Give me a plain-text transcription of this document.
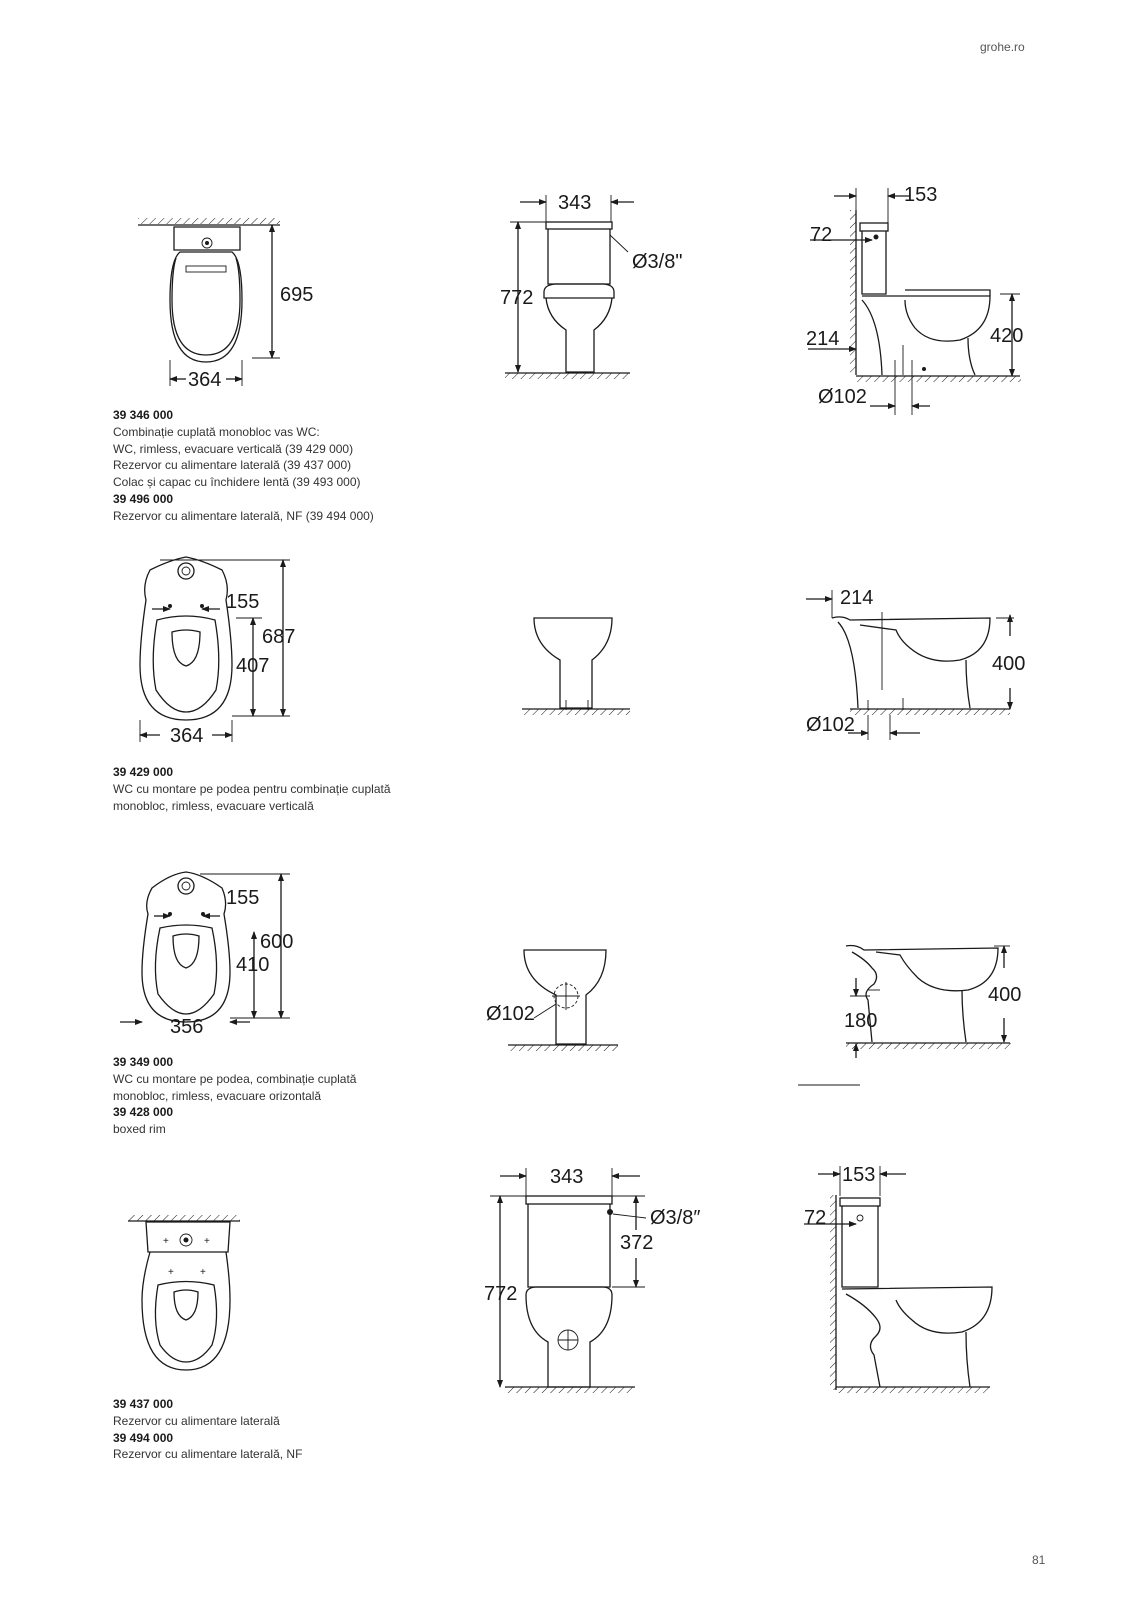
grohe.ro
695
364
343
Ø3/8"
772
153
72
214	420
Ø102
155
687
407
364
214
400
Ø102
155
600
410
356
Ø102
400
180
+	+
+	+
343
Ø3/8″
372
772
153
72
39 346 000
Combinație cuplată monobloc vas WC:
WC, rimless, evacuare verticală (39 429 000)
Rezervor cu alimentare laterală (39 437 000)
Colac și capac cu închidere lentă (39 493 000)
39 496 000
Rezervor cu alimentare laterală, NF (39 494 000)
39 429 000
WC cu montare pe podea pentru combinație cuplată
monobloc, rimless, evacuare verticală
39 349 000
WC cu montare pe podea, combinație cuplată
monobloc, rimless, evacuare orizontală
39 428 000
boxed rim
39 437 000
Rezervor cu alimentare laterală
39 494 000
Rezervor cu alimentare laterală, NF
81
